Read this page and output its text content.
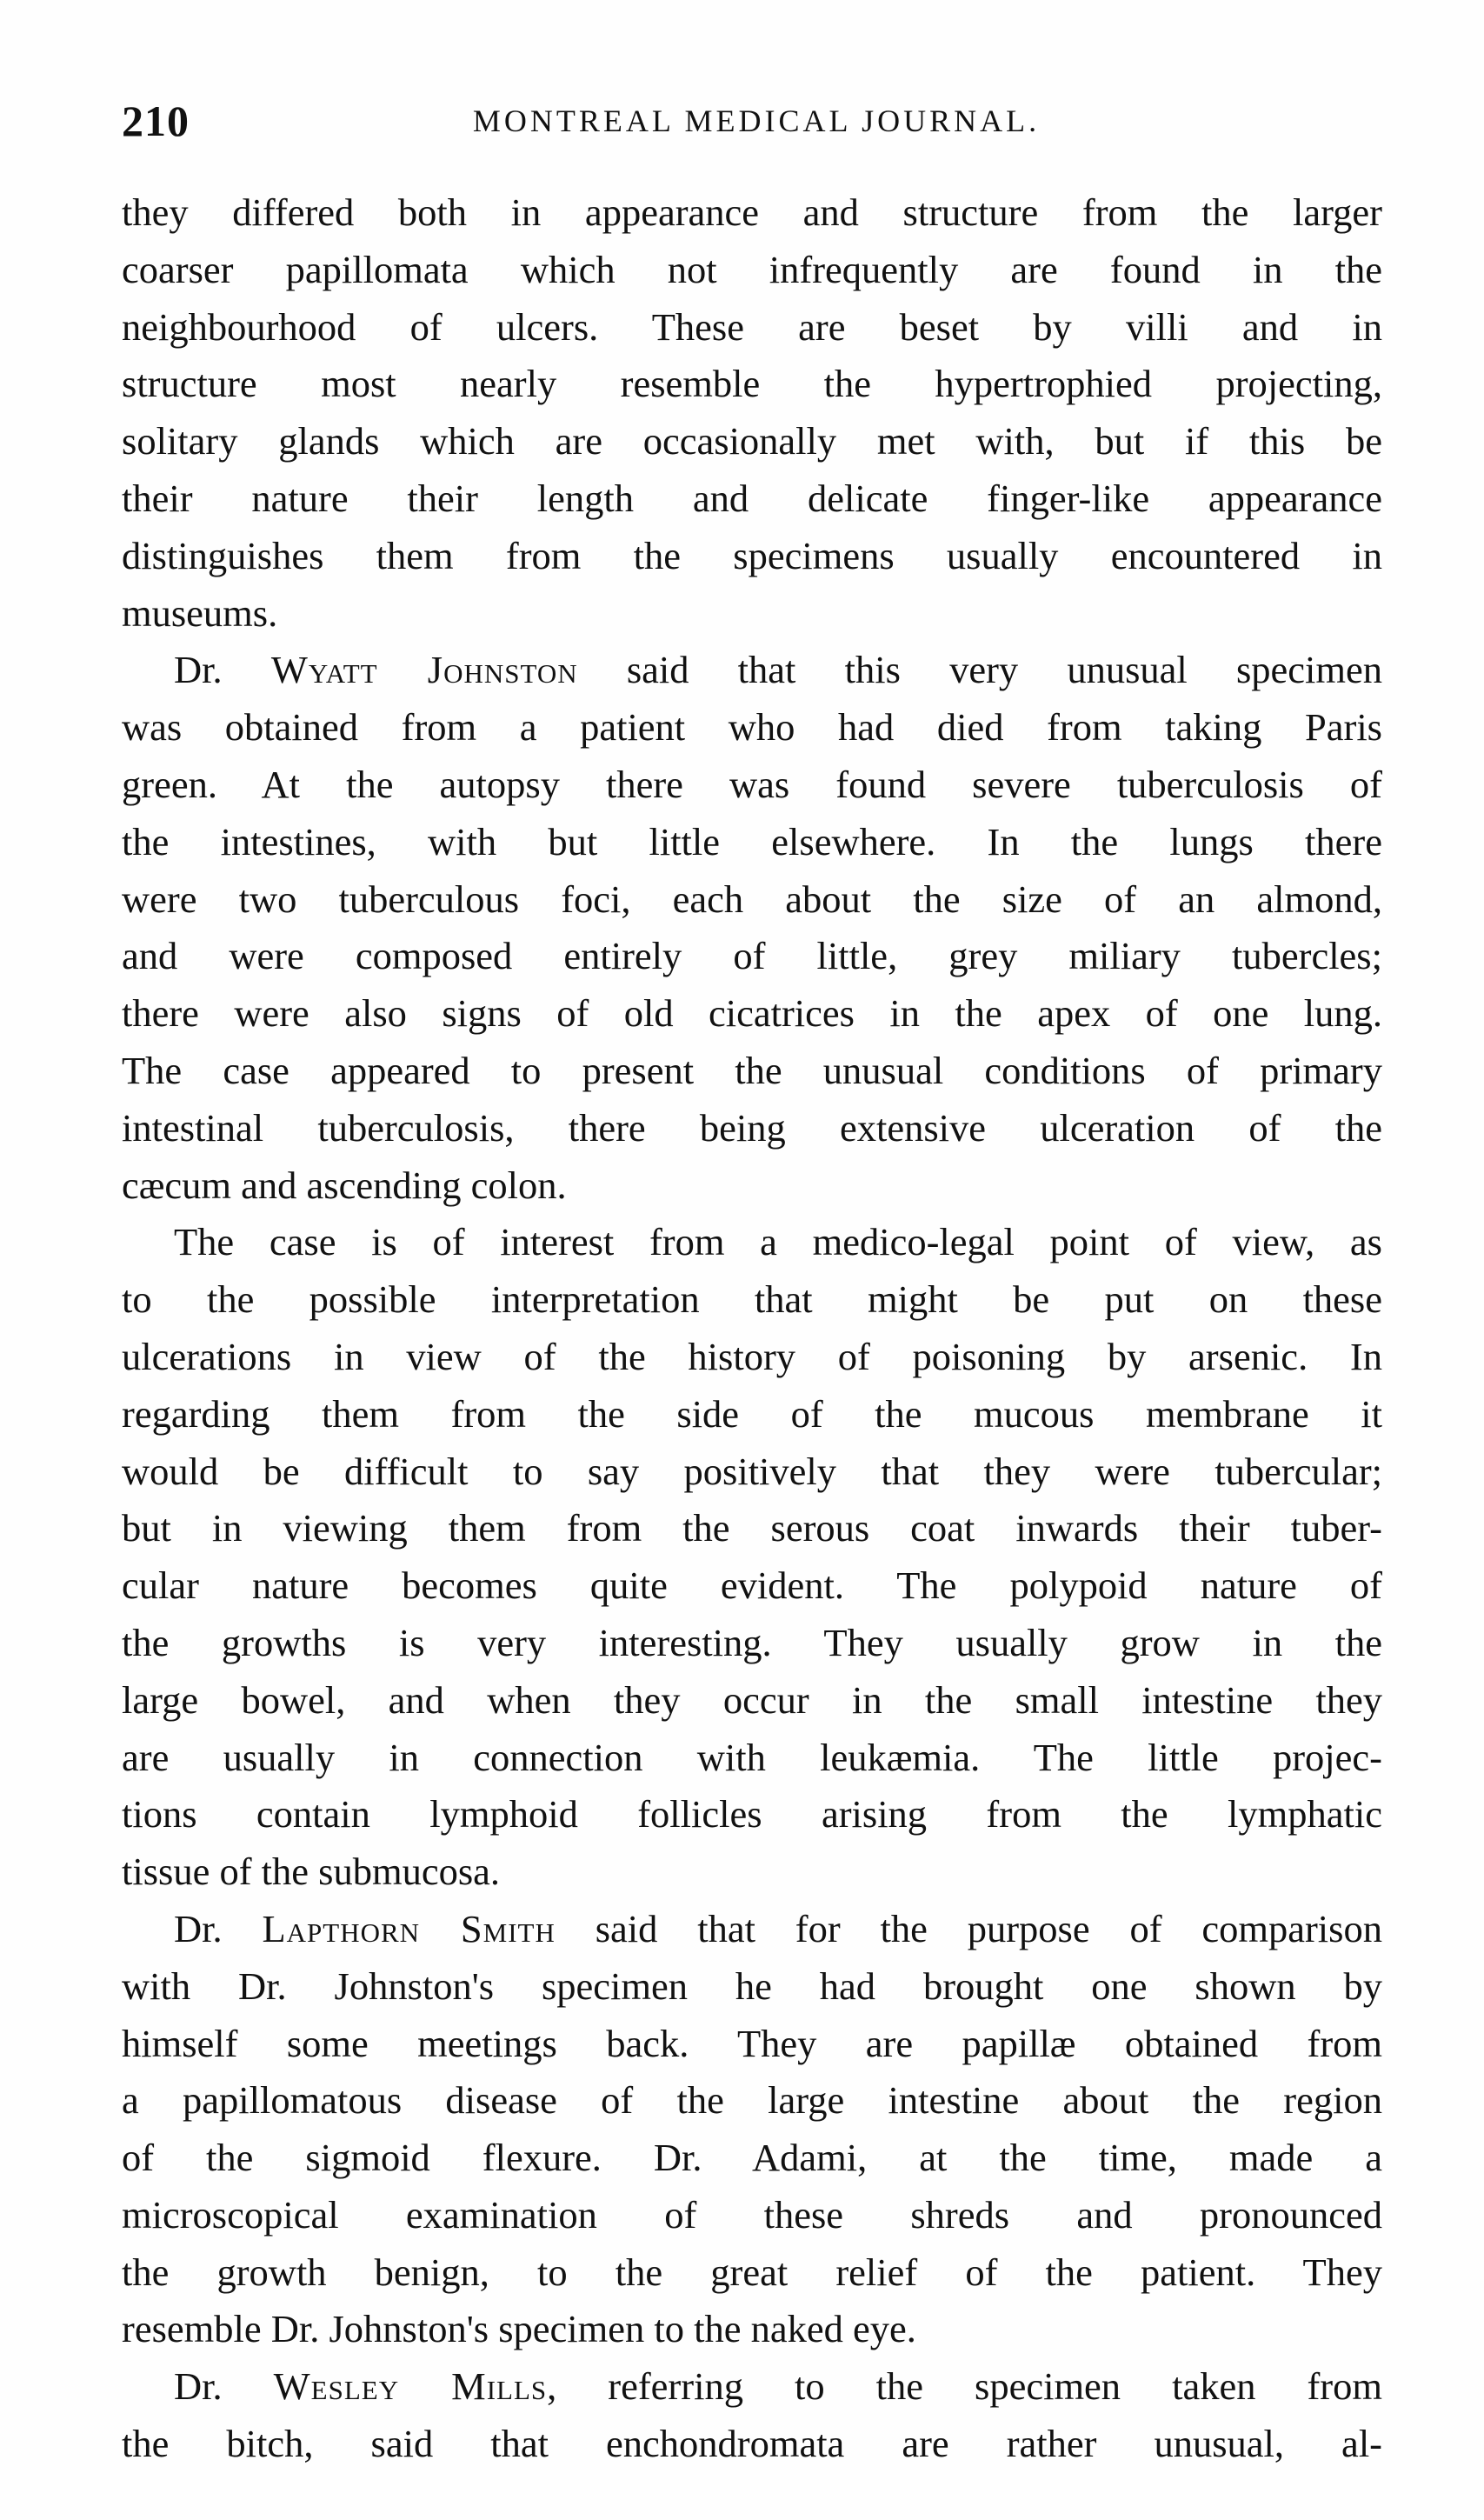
210	MONTREAL MEDICAL JOURNAL.
they differed both in appearance and structure from the larger
coarser papillomata which not infrequently are found in the
neighbourhood of ulcers. These are beset by villi and in
structure most nearly resemble the hypertrophied projecting,
solitary glands which are occasionally met with, but if this be
their nature their length and delicate finger-like appearance
distinguishes them from the specimens usually encountered in
museums.
Dr. Wyatt Johnston said that this very unusual specimen
was obtained from a patient who had died from taking Paris
green. At the autopsy there was found severe tuberculosis of
the intestines, with but little elsewhere. In the lungs there
were two tuberculous foci, each about the size of an almond,
and were composed entirely of little, grey miliary tubercles;
there were also signs of old cicatrices in the apex of one lung.
The case appeared to present the unusual conditions of primary
intestinal tuberculosis, there being extensive ulceration of the
cæcum and ascending colon.
The case is of interest from a medico-legal point of view, as
to the possible interpretation that might be put on these
ulcerations in view of the history of poisoning by arsenic. In
regarding them from the side of the mucous membrane it
would be difficult to say positively that they were tubercular;
but in viewing them from the serous coat inwards their tuber-
cular nature becomes quite evident. The polypoid nature of
the growths is very interesting. They usually grow in the
large bowel, and when they occur in the small intestine they
are usually in connection with leukæmia. The little projec-
tions contain lymphoid follicles arising from the lymphatic
tissue of the submucosa.
Dr. Lapthorn Smith said that for the purpose of comparison
with Dr. Johnston's specimen he had brought one shown by
himself some meetings back. They are papillæ obtained from
a papillomatous disease of the large intestine about the region
of the sigmoid flexure. Dr. Adami, at the time, made a
microscopical examination of these shreds and pronounced
the growth benign, to the great relief of the patient. They
resemble Dr. Johnston's specimen to the naked eye.
Dr. Wesley Mills, referring to the specimen taken from
the bitch, said that enchondromata are rather unusual, al-
